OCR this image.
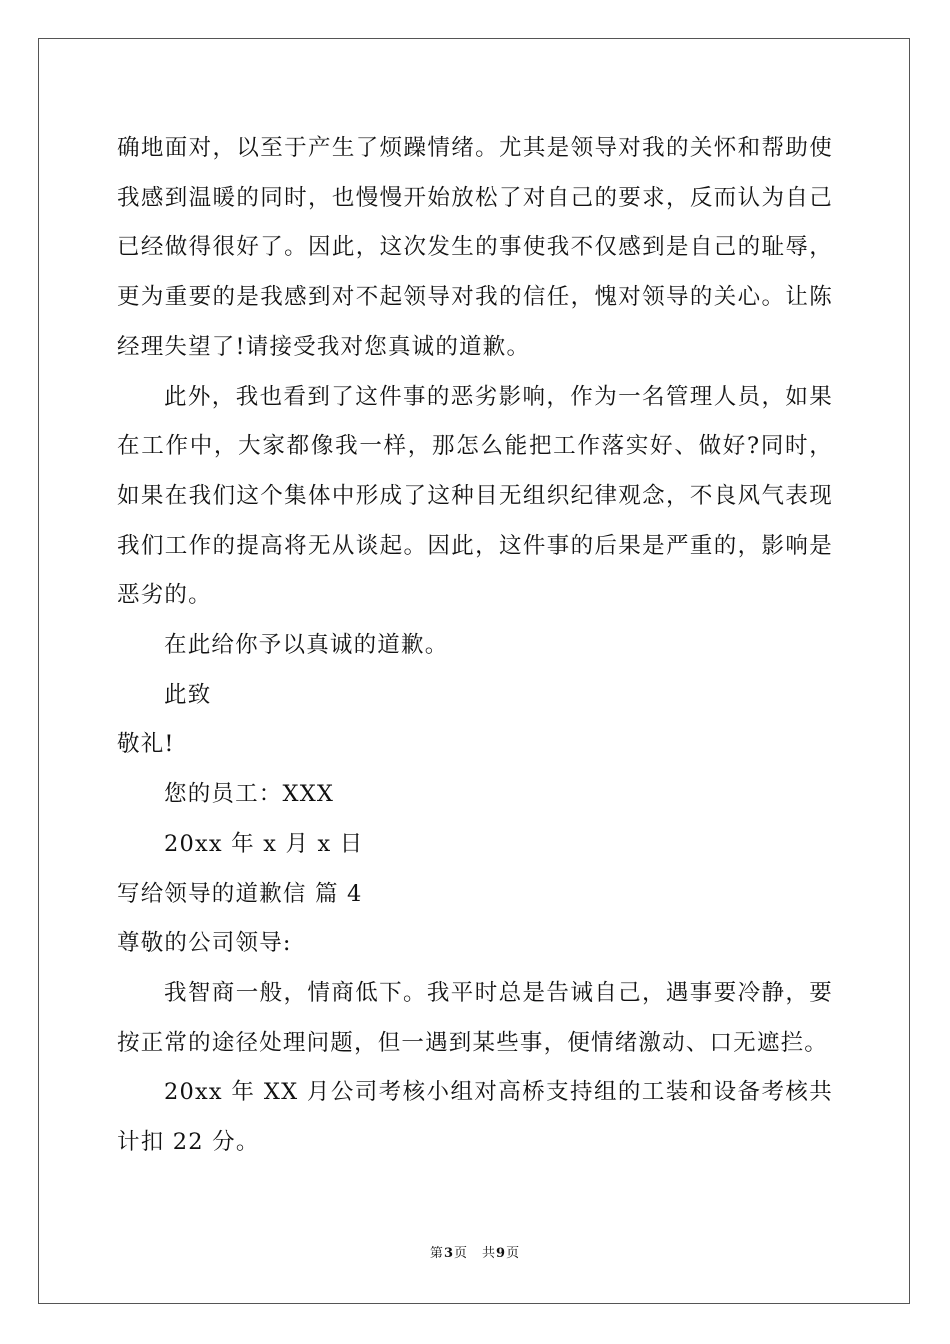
确地面对，以至于产生了烦躁情绪。尤其是领导对我的关怀和帮助使我感到温暖的同时，也慢慢开始放松了对自己的要求，反而认为自己已经做得很好了。因此，这次发生的事使我不仅感到是自己的耻辱，更为重要的是我感到对不起领导对我的信任，愧对领导的关心。让陈经理失望了!请接受我对您真诚的道歉。

此外，我也看到了这件事的恶劣影响，作为一名管理人员，如果在工作中，大家都像我一样，那怎么能把工作落实好、做好?同时，如果在我们这个集体中形成了这种目无组织纪律观念，不良风气表现我们工作的提高将无从谈起。因此，这件事的后果是严重的，影响是恶劣的。

在此给你予以真诚的道歉。

此致

敬礼!

您的员工：XXX

20xx 年 x 月 x 日

写给领导的道歉信 篇 4

尊敬的公司领导:

我智商一般，情商低下。我平时总是告诫自己，遇事要冷静，要按正常的途径处理问题，但一遇到某些事，便情绪激动、口无遮拦。

20xx 年 XX 月公司考核小组对高桥支持组的工装和设备考核共计扣 22 分。

第3页 共9页
